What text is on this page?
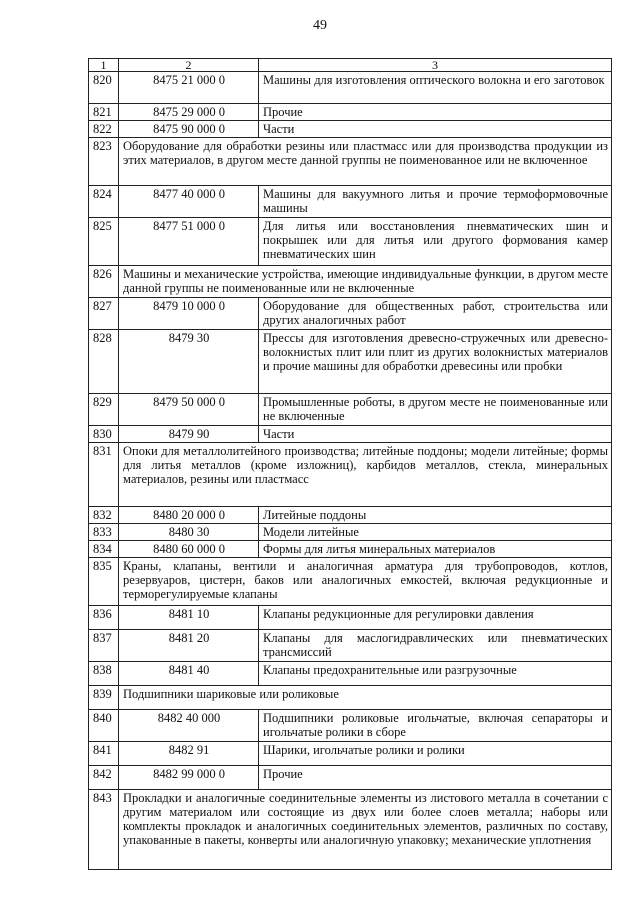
49
1	2	3
820	8475 21 000 0	Машины для изготовления оптического волокна и его заготовок
821	8475 29 000 0	Прочие
822	8475 90 000 0	Части
823	Оборудование для обработки резины или пластмасс или для производства продукции из этих материалов, в другом месте данной группы не поименованное или не включенное	
824	8477 40 000 0	Машины для вакуумного литья и прочие термоформовочные машины
825	8477 51 000 0	Для литья или восстановления пневматических шин и покрышек или для литья или другого формования камер пневматических шин
826	Машины и механические устройства, имеющие индивидуальные функции, в другом месте данной группы не поименованные или не включенные	
827	8479 10 000 0	Оборудование для общественных работ, строительства или других аналогичных работ
828	8479 30	Прессы для изготовления древесно-стружечных или древесно-волокнистых плит или плит из других волокнистых материалов и прочие машины для обработки древесины или пробки
829	8479 50 000 0	Промышленные роботы, в другом месте не поименованные или не включенные
830	8479 90	Части
831	Опоки для металлолитейного производства; литейные поддоны; модели литейные; формы для литья металлов (кроме изложниц), карбидов металлов, стекла, минеральных материалов, резины или пластмасс	
832	8480 20 000 0	Литейные поддоны
833	8480 30	Модели литейные
834	8480 60 000 0	Формы для литья минеральных материалов
835	Краны, клапаны, вентили и аналогичная арматура для трубопроводов, котлов, резервуаров, цистерн, баков или аналогичных емкостей, включая редукционные и терморегулируемые клапаны	
836	8481 10	Клапаны редукционные для регулировки давления
837	8481 20	Клапаны для маслогидравлических или пневматических трансмиссий
838	8481 40	Клапаны предохранительные или разгрузочные
839	Подшипники шариковые или роликовые	
840	8482 40 000	Подшипники роликовые игольчатые, включая сепараторы и игольчатые ролики в сборе
841	8482 91	Шарики, игольчатые ролики и ролики
842	8482 99 000 0	Прочие
843	Прокладки и аналогичные соединительные элементы из листового металла в сочетании с другим материалом или состоящие из двух или более слоев металла; наборы или комплекты прокладок и аналогичных соединительных элементов, различных по составу, упакованные в пакеты, конверты или аналогичную упаковку; механические уплотнения	
